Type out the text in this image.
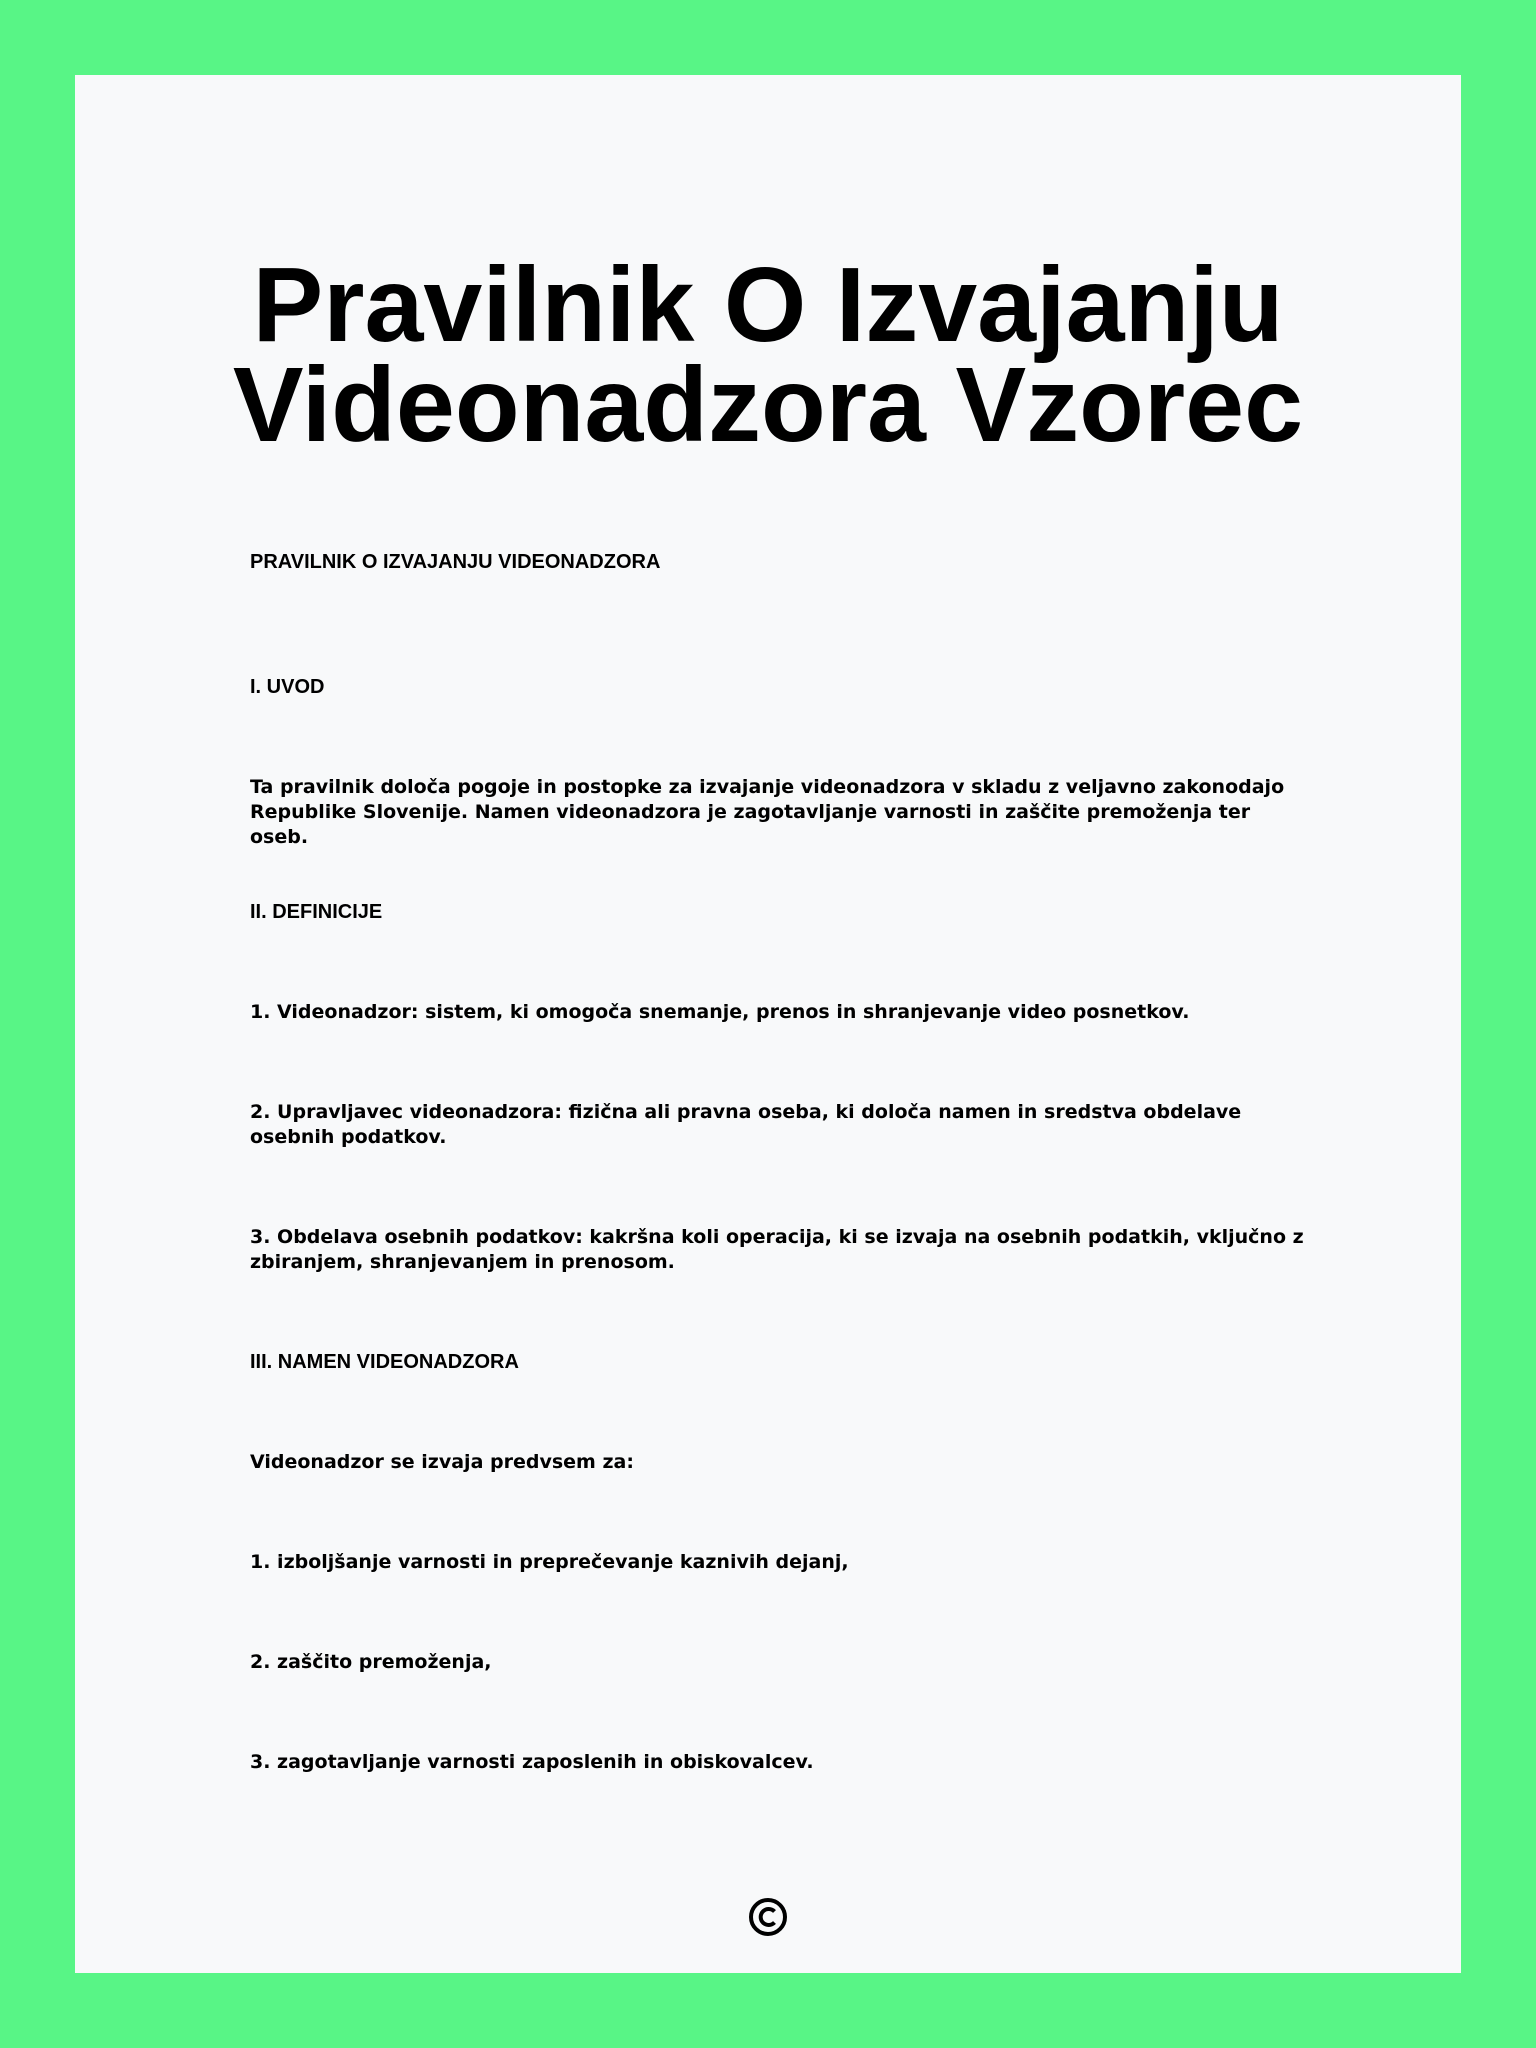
Pravilnik O Izvajanju
Videonadzora Vzorec

PRAVILNIK O IZVAJANJU VIDEONADZORA

I. UVOD

Ta pravilnik določa pogoje in postopke za izvajanje videonadzora v skladu z veljavno zakonodajo Republike Slovenije. Namen videonadzora je zagotavljanje varnosti in zaščite premoženja ter oseb.

II. DEFINICIJE

1. Videonadzor: sistem, ki omogoča snemanje, prenos in shranjevanje video posnetkov.

2. Upravljavec videonadzora: fizična ali pravna oseba, ki določa namen in sredstva obdelave osebnih podatkov.

3. Obdelava osebnih podatkov: kakršna koli operacija, ki se izvaja na osebnih podatkih, vključno z zbiranjem, shranjevanjem in prenosom.

III. NAMEN VIDEONADZORA

Videonadzor se izvaja predvsem za:

1. izboljšanje varnosti in preprečevanje kaznivih dejanj,

2. zaščito premoženja,

3. zagotavljanje varnosti zaposlenih in obiskovalcev.
